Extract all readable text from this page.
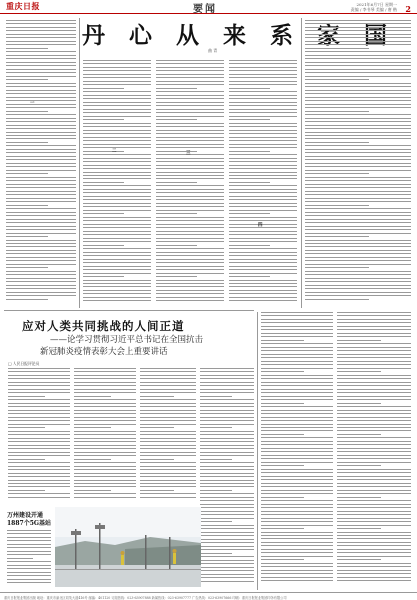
重庆日报	要闻	2021年6月7日 星期一
责编 / 李书琴 美编 / 唐 楷 2
丹 心 从 来 系 家 国
曲 青
一
二	三
四
应对人类共同挑战的人间正道
——论学习贯彻习近平总书记在全国抗击
新冠肺炎疫情表彰大会上重要讲话
□ 人民日报评论员
万州建设开通
1887个5G基站
重庆日报报业集团出版 地址：重庆市渝北区同茂大道416号 邮编：401120 订阅热线：023-63907888 新闻热线：023-63907777 广告热线：023-63907666 印刷：重庆日报报业集团印务有限公司
